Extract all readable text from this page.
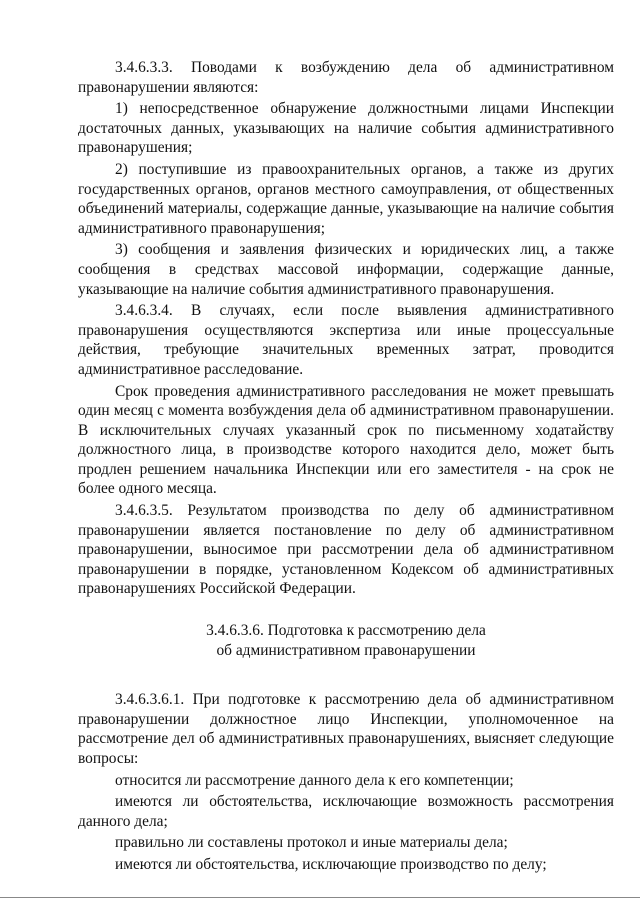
3.4.6.3.3. Поводами к возбуждению дела об административном правонарушении являются:

1) непосредственное обнаружение должностными лицами Инспекции достаточных данных, указывающих на наличие события административного правонарушения;

2) поступившие из правоохранительных органов, а также из других государственных органов, органов местного самоуправления, от общественных объединений материалы, содержащие данные, указывающие на наличие события административного правонарушения;

3) сообщения и заявления физических и юридических лиц, а также сообщения в средствах массовой информации, содержащие данные, указывающие на наличие события административного правонарушения.

3.4.6.3.4. В случаях, если после выявления административного правонарушения осуществляются экспертиза или иные процессуальные действия, требующие значительных временных затрат, проводится административное расследование.

Срок проведения административного расследования не может превышать один месяц с момента возбуждения дела об административном правонарушении. В исключительных случаях указанный срок по письменному ходатайству должностного лица, в производстве которого находится дело, может быть продлен решением начальника Инспекции или его заместителя - на срок не более одного месяца.

3.4.6.3.5. Результатом производства по делу об административном правонарушении является постановление по делу об административном правонарушении, выносимое при рассмотрении дела об административном правонарушении в порядке, установленном Кодексом об административных правонарушениях Российской Федерации.

3.4.6.3.6. Подготовка к рассмотрению дела
об административном правонарушении

3.4.6.3.6.1. При подготовке к рассмотрению дела об административном правонарушении должностное лицо Инспекции, уполномоченное на рассмотрение дел об административных правонарушениях, выясняет следующие вопросы:

относится ли рассмотрение данного дела к его компетенции;

имеются ли обстоятельства, исключающие возможность рассмотрения данного дела;

правильно ли составлены протокол и иные материалы дела;

имеются ли обстоятельства, исключающие производство по делу;
